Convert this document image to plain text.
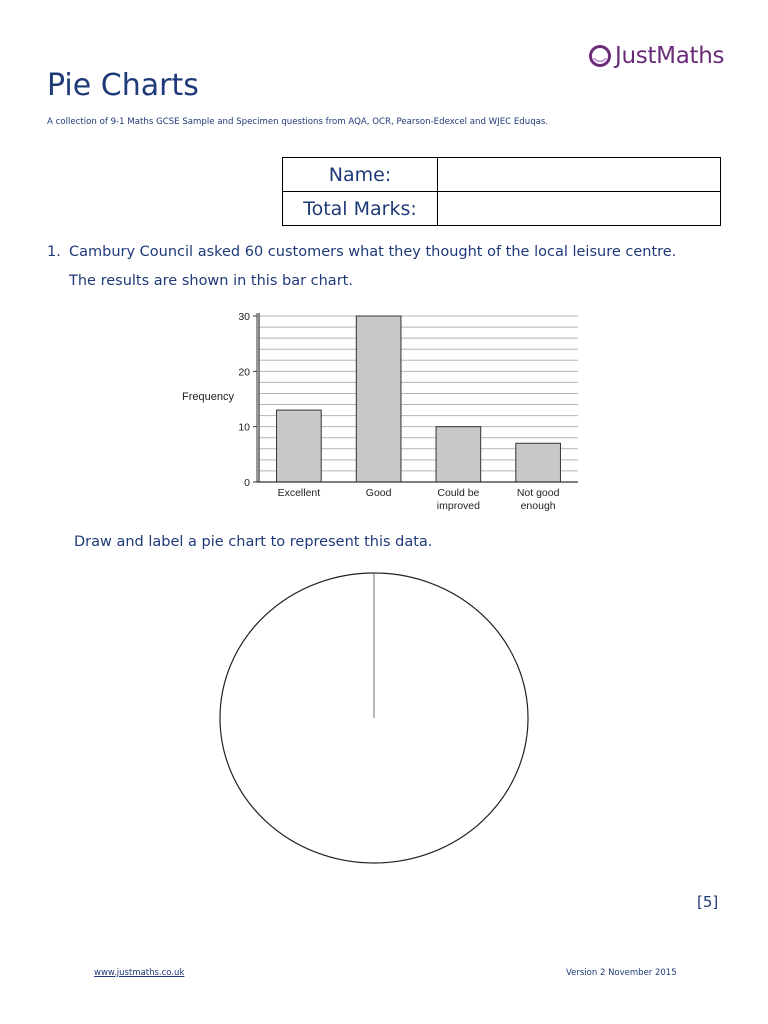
JustMaths
Pie Charts
A collection of 9-1 Maths GCSE Sample and Specimen questions from AQA, OCR, Pearson-Edexcel and WJEC Eduqas.
Name:	
Total Marks:	
1. Cambury Council asked 60 customers what they thought of the local leisure centre.
The results are shown in this bar chart.
Excellent	Good	Could be
improved
Not good
enough
0
10
20
30
Frequency
Draw and label a pie chart to represent this data.
[5]
www.justmaths.co.uk	Version 2 November 2015
